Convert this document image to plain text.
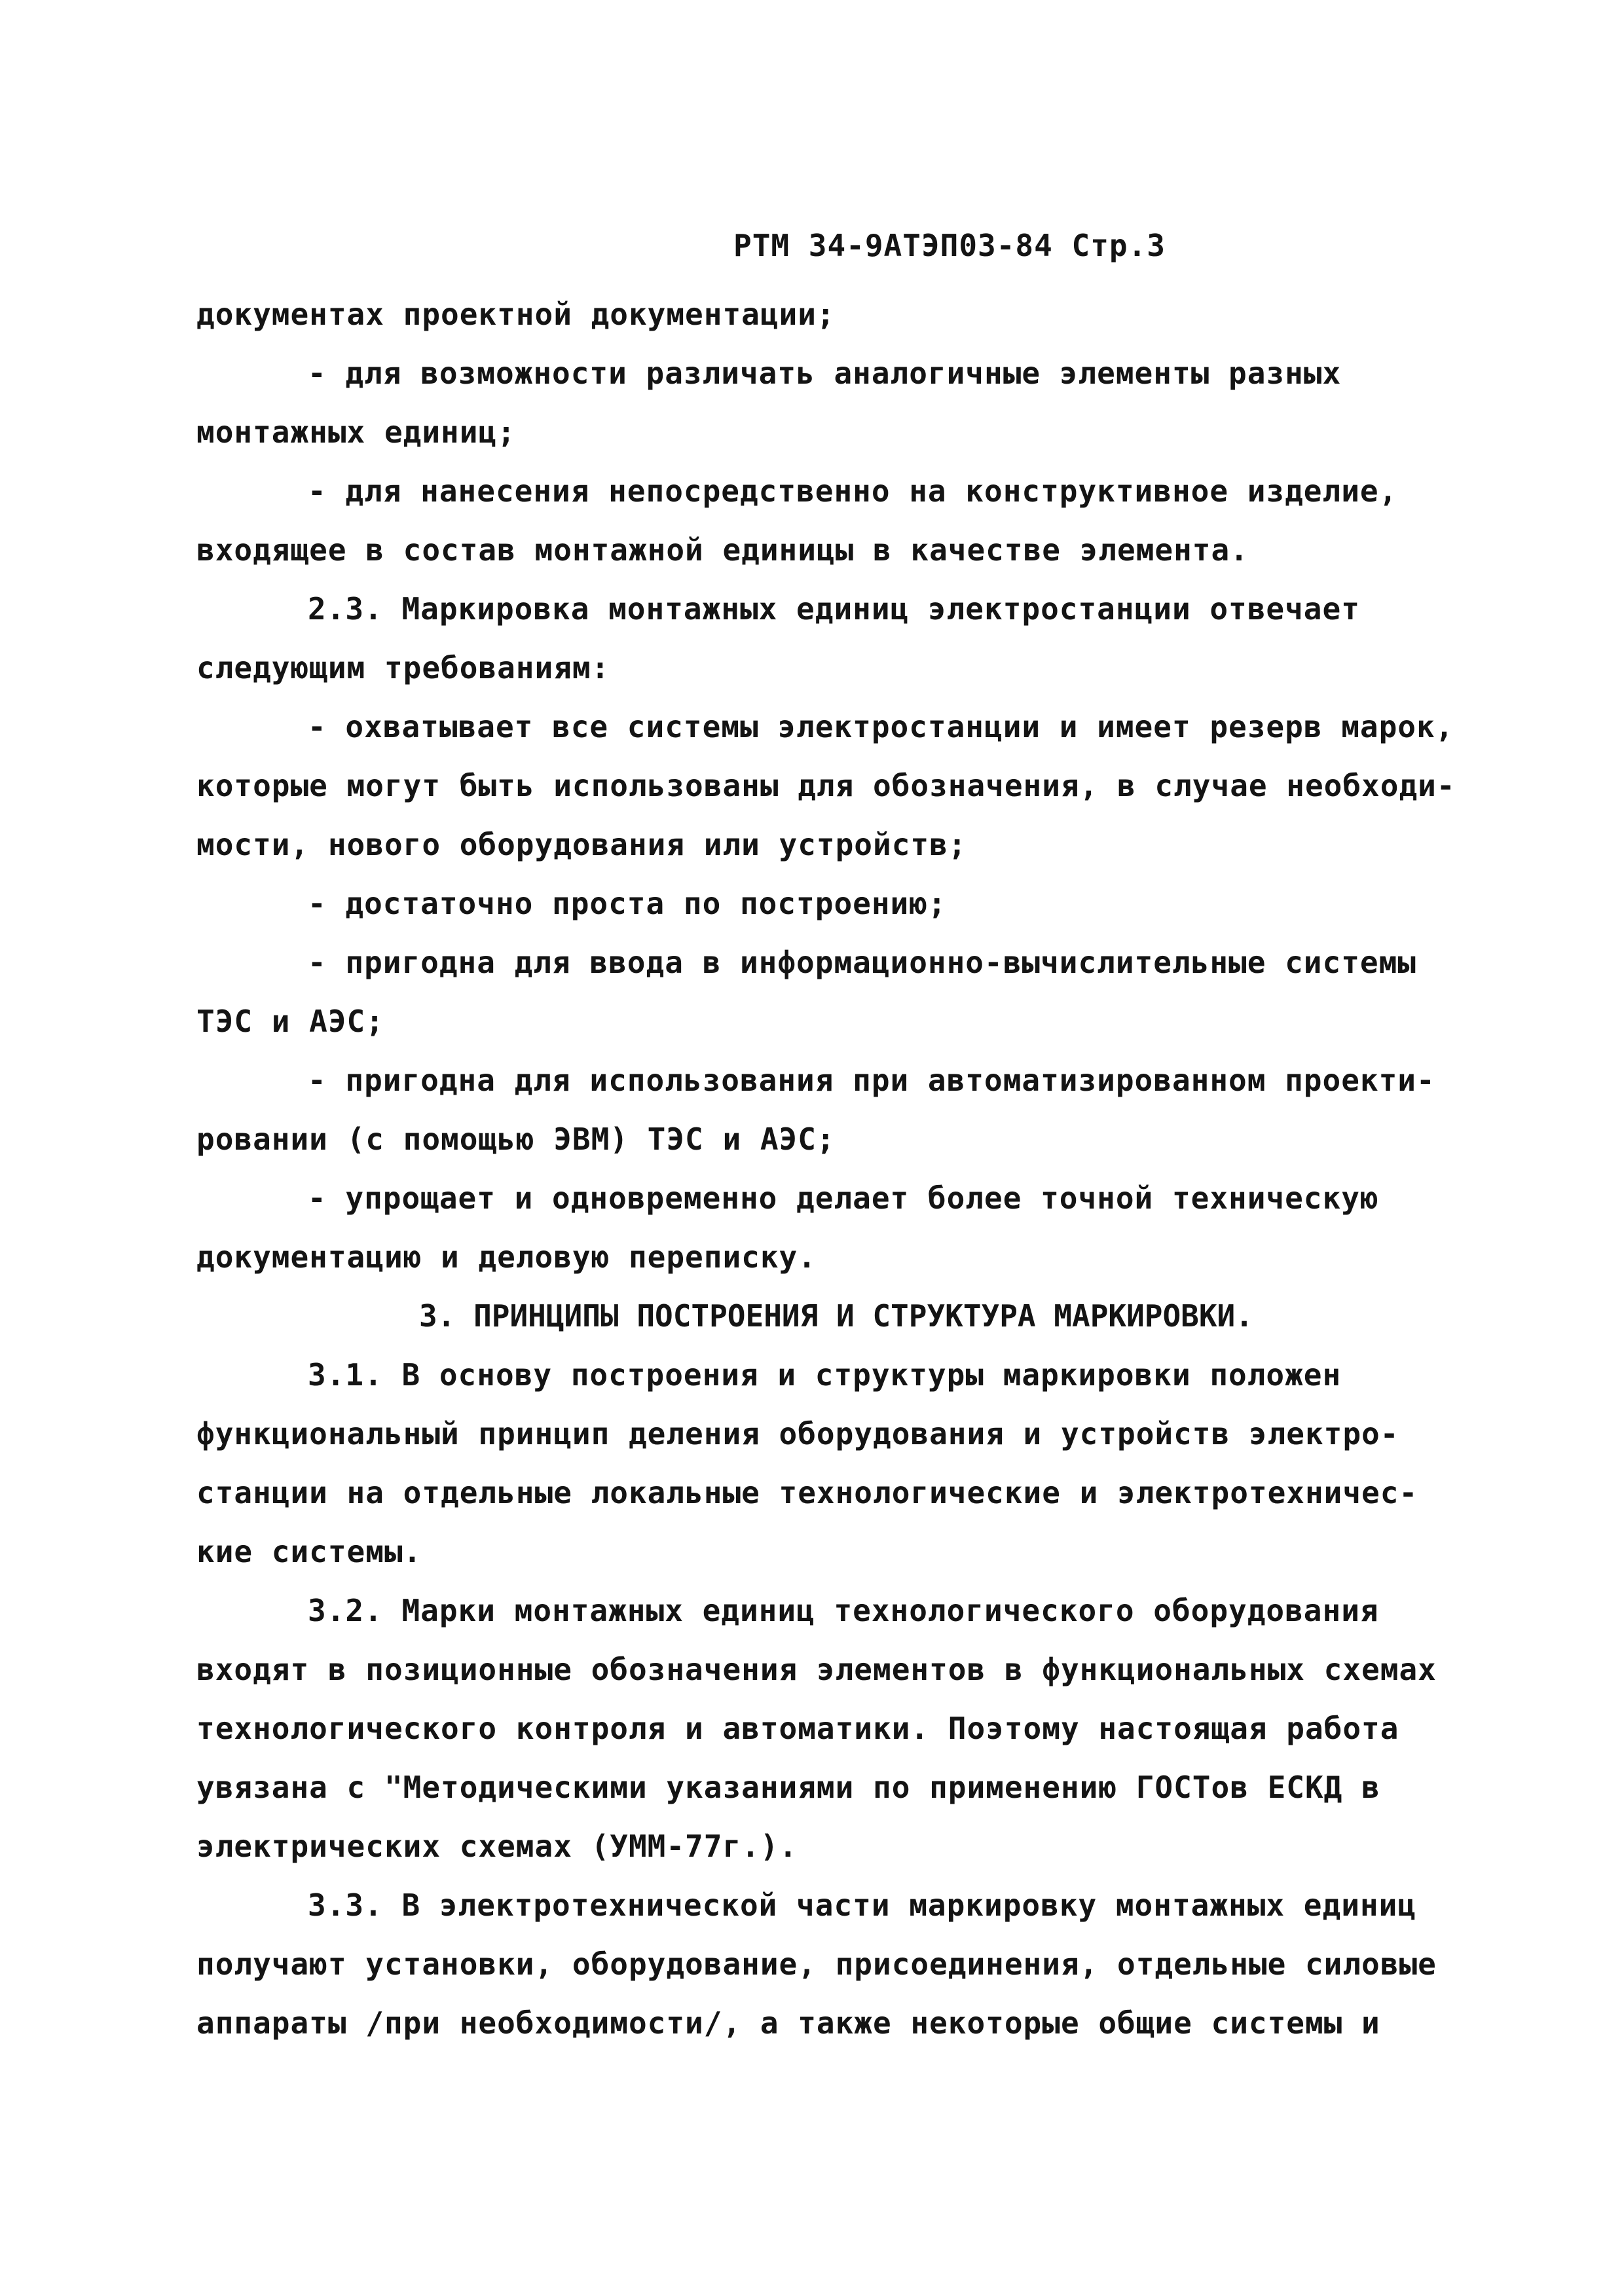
РТМ 34-9АТЭП03-84 Стр.3
документах проектной документации;
- для возможности различать аналогичные элементы разных
монтажных единиц;
- для нанесения непосредственно на конструктивное изделие,
входящее в состав монтажной единицы в качестве элемента.
2.3. Маркировка монтажных единиц электростанции отвечает
следующим требованиям:
- охватывает все системы электростанции и имеет резерв марок,
которые могут быть использованы для обозначения, в случае необходи-
мости, нового оборудования или устройств;
- достаточно проста по построению;
- пригодна для ввода в информационно-вычислительные системы
ТЭС и АЭС;
- пригодна для использования при автоматизированном проекти-
ровании (с помощью ЭВМ) ТЭС и АЭС;
- упрощает и одновременно делает более точной техническую
документацию и деловую переписку.
3. ПРИНЦИПЫ ПОСТРОЕНИЯ И СТРУКТУРА МАРКИРОВКИ.
3.1. В основу построения и структуры маркировки положен
функциональный принцип деления оборудования и устройств электро-
станции на отдельные локальные технологические и электротехничес-
кие системы.
3.2. Марки монтажных единиц технологического оборудования
входят в позиционные обозначения элементов в функциональных схемах
технологического контроля и автоматики. Поэтому настоящая работа
увязана с "Методическими указаниями по применению ГОСТов ЕСКД в
электрических схемах (УММ-77г.).
3.3. В электротехнической части маркировку монтажных единиц
получают установки, оборудование, присоединения, отдельные силовые
аппараты /при необходимости/, а также некоторые общие системы и
